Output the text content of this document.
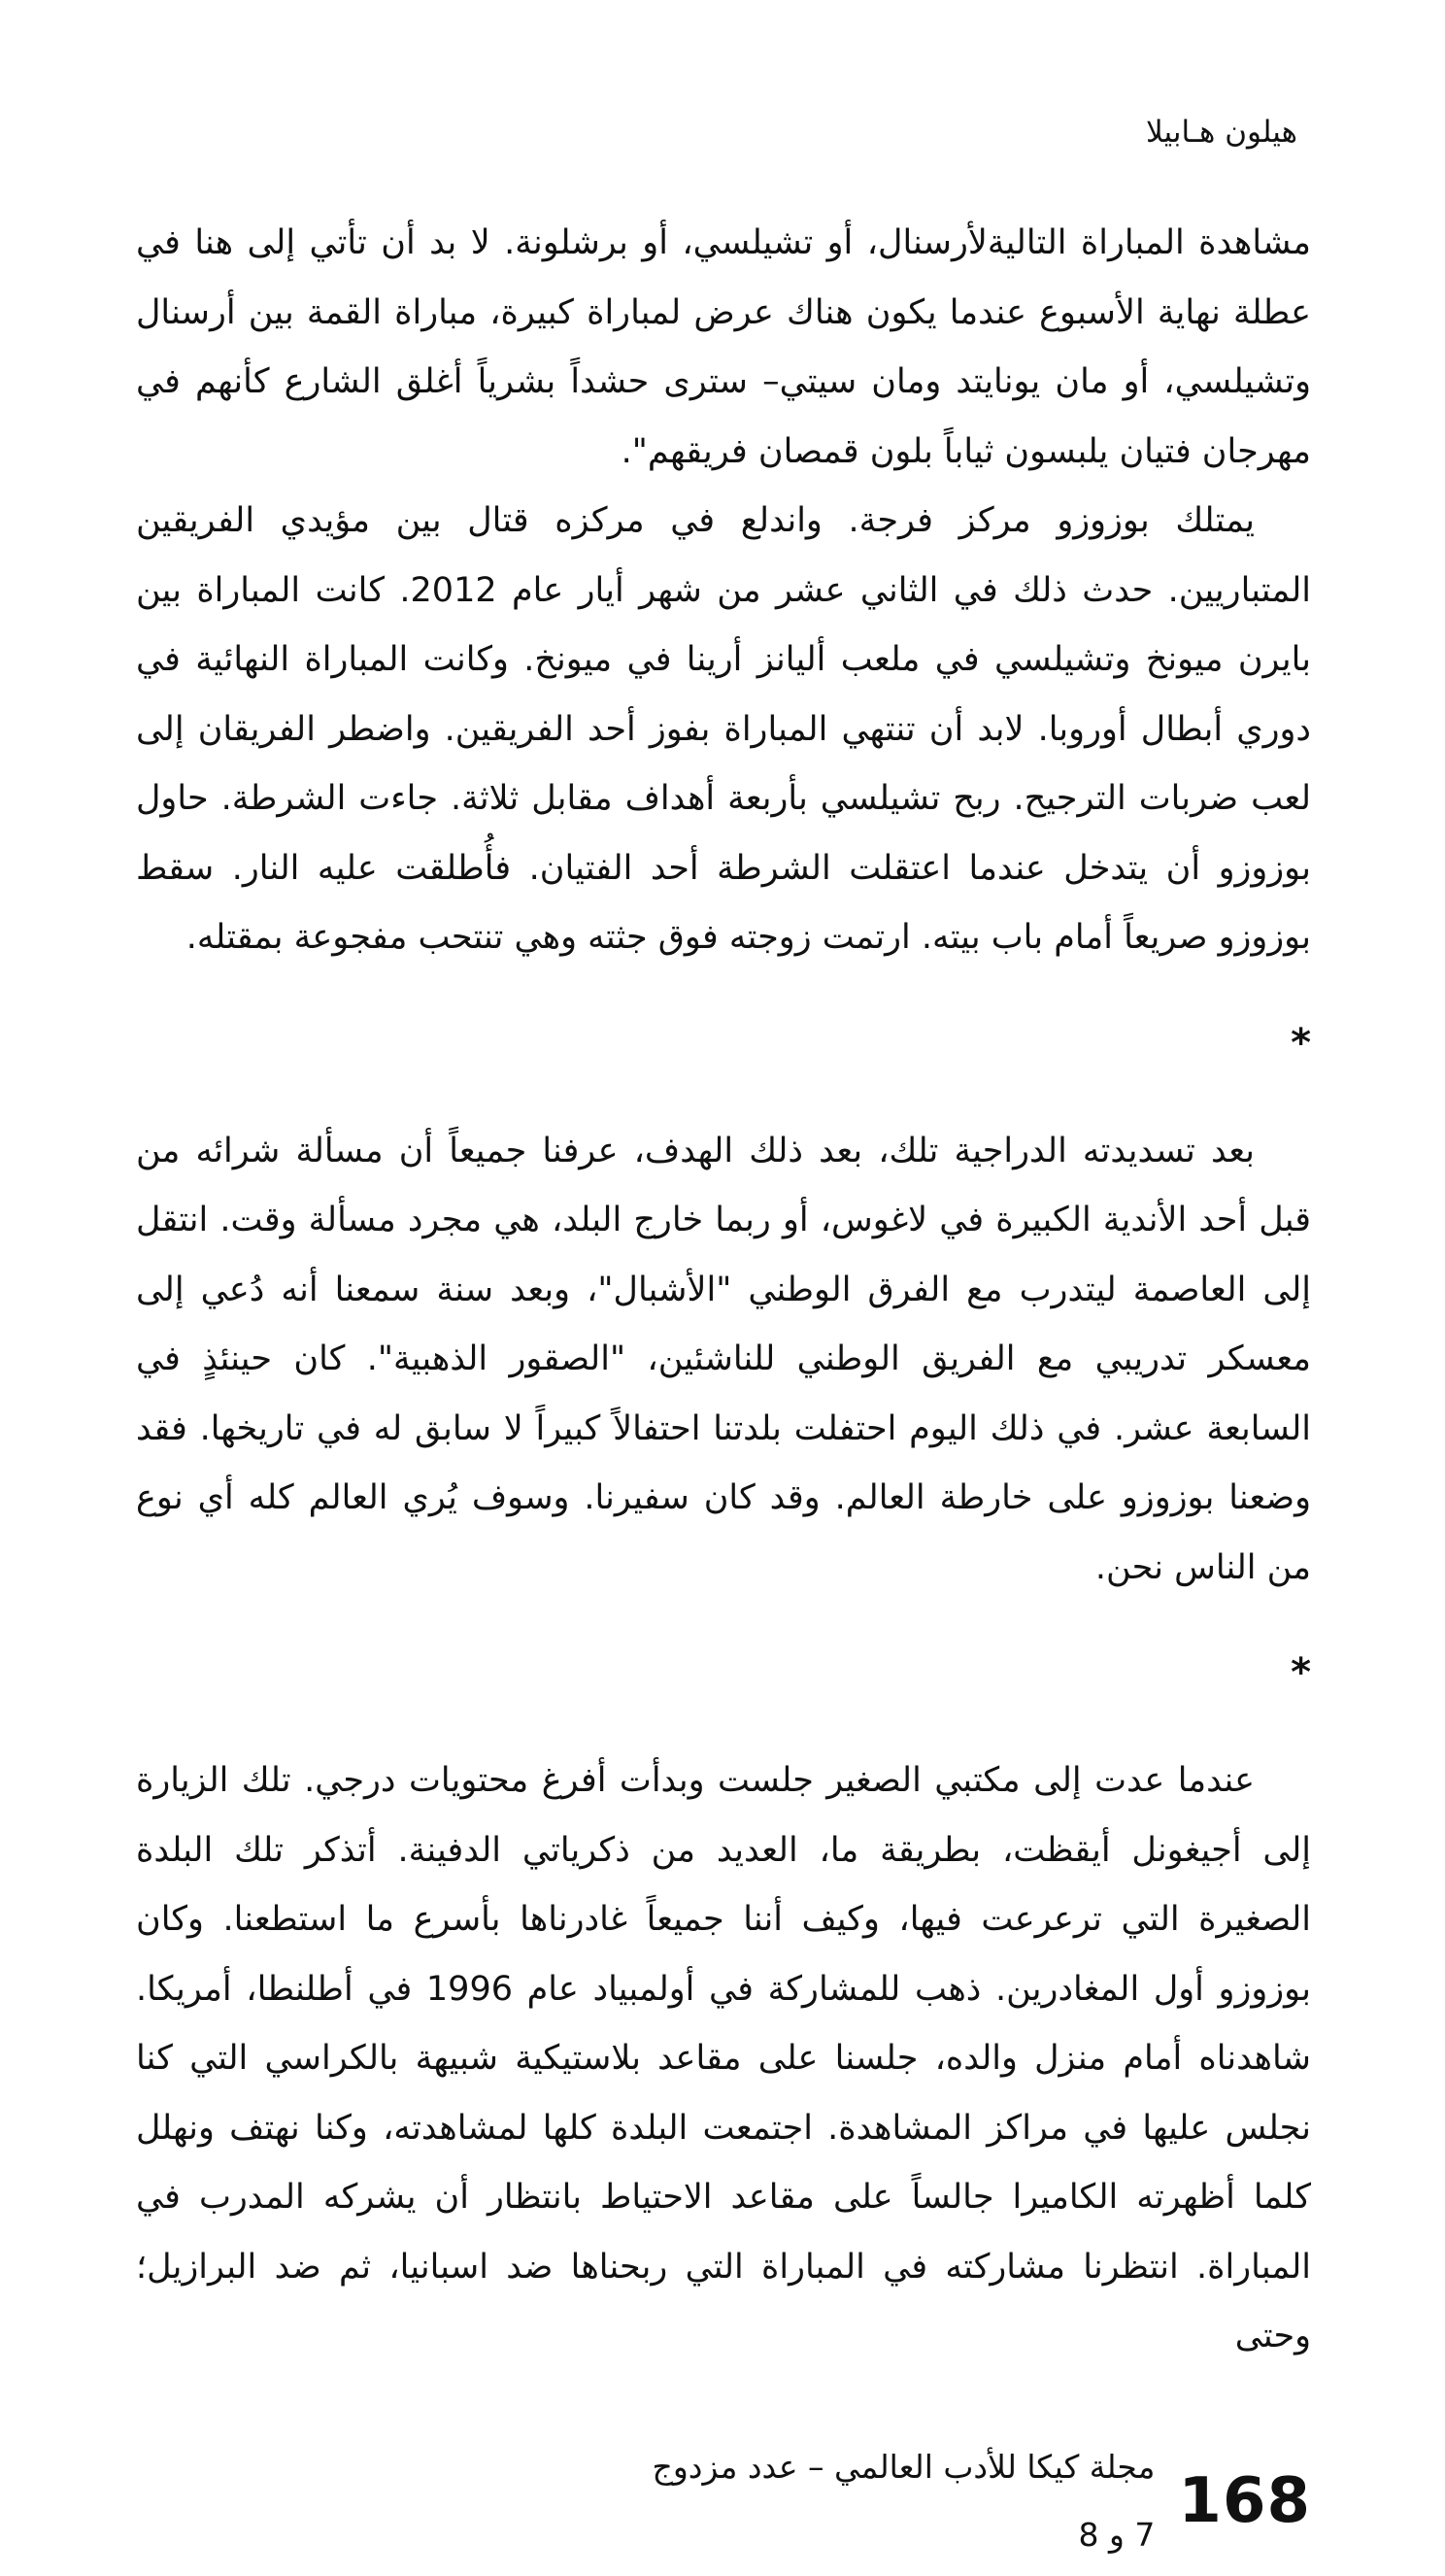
هيلون هـابيلا

مشاهدة المباراة التاليةلأرسنال، أو تشيلسي، أو برشلونة. لا بد أن تأتي إلى هنا في عطلة نهاية الأسبوع عندما يكون هناك عرض لمباراة كبيرة، مباراة القمة بين أرسنال وتشيلسي، أو مان يونايتد ومان سيتي– سترى حشداً بشرياً أغلق الشارع كأنهم في مهرجان فتيان يلبسون ثياباً بلون قمصان فريقهم".

يمتلك بوزوزو مركز فرجة. واندلع في مركزه قتال بين مؤيدي الفريقين المتباريين. حدث ذلك في الثاني عشر من شهر أيار عام 2012. كانت المباراة بين بايرن ميونخ وتشيلسي في ملعب أليانز أرينا في ميونخ. وكانت المباراة النهائية في دوري أبطال أوروبا. لابد أن تنتهي المباراة بفوز أحد الفريقين. واضطر الفريقان إلى لعب ضربات الترجيح. ربح تشيلسي بأربعة أهداف مقابل ثلاثة. جاءت الشرطة. حاول بوزوزو أن يتدخل عندما اعتقلت الشرطة أحد الفتيان. فأُطلقت عليه النار. سقط بوزوزو صريعاً أمام باب بيته. ارتمت زوجته فوق جثته وهي تنتحب مفجوعة بمقتله.

*

بعد تسديدته الدراجية تلك، بعد ذلك الهدف، عرفنا جميعاً أن مسألة شرائه من قبل أحد الأندية الكبيرة في لاغوس، أو ربما خارج البلد، هي مجرد مسألة وقت. انتقل إلى العاصمة ليتدرب مع الفرق الوطني "الأشبال"، وبعد سنة سمعنا أنه دُعي إلى معسكر تدريبي مع الفريق الوطني للناشئين، "الصقور الذهبية". كان حينئذٍ في السابعة عشر. في ذلك اليوم احتفلت بلدتنا احتفالاً كبيراً لا سابق له في تاريخها. فقد وضعنا بوزوزو على خارطة العالم. وقد كان سفيرنا. وسوف يُري العالم كله أي نوع من الناس نحن.

*

عندما عدت إلى مكتبي الصغير جلست وبدأت أفرغ محتويات درجي. تلك الزيارة إلى أجيغونل أيقظت، بطريقة ما، العديد من ذكرياتي الدفينة. أتذكر تلك البلدة الصغيرة التي ترعرعت فيها، وكيف أننا جميعاً غادرناها بأسرع ما استطعنا. وكان بوزوزو أول المغادرين. ذهب للمشاركة في أولمبياد عام 1996 في أطلنطا، أمريكا. شاهدناه أمام منزل والده، جلسنا على مقاعد بلاستيكية شبيهة بالكراسي التي كنا نجلس عليها في مراكز المشاهدة. اجتمعت البلدة كلها لمشاهدته، وكنا نهتف ونهلل كلما أظهرته الكاميرا جالساً على مقاعد الاحتياط بانتظار أن يشركه المدرب في المباراة. انتظرنا مشاركته في المباراة التي ربحناها ضد اسبانيا، ثم ضد البرازيل؛ وحتى

168
مجلة كيكا للأدب العالمي – عدد مزدوج 7 و 8
